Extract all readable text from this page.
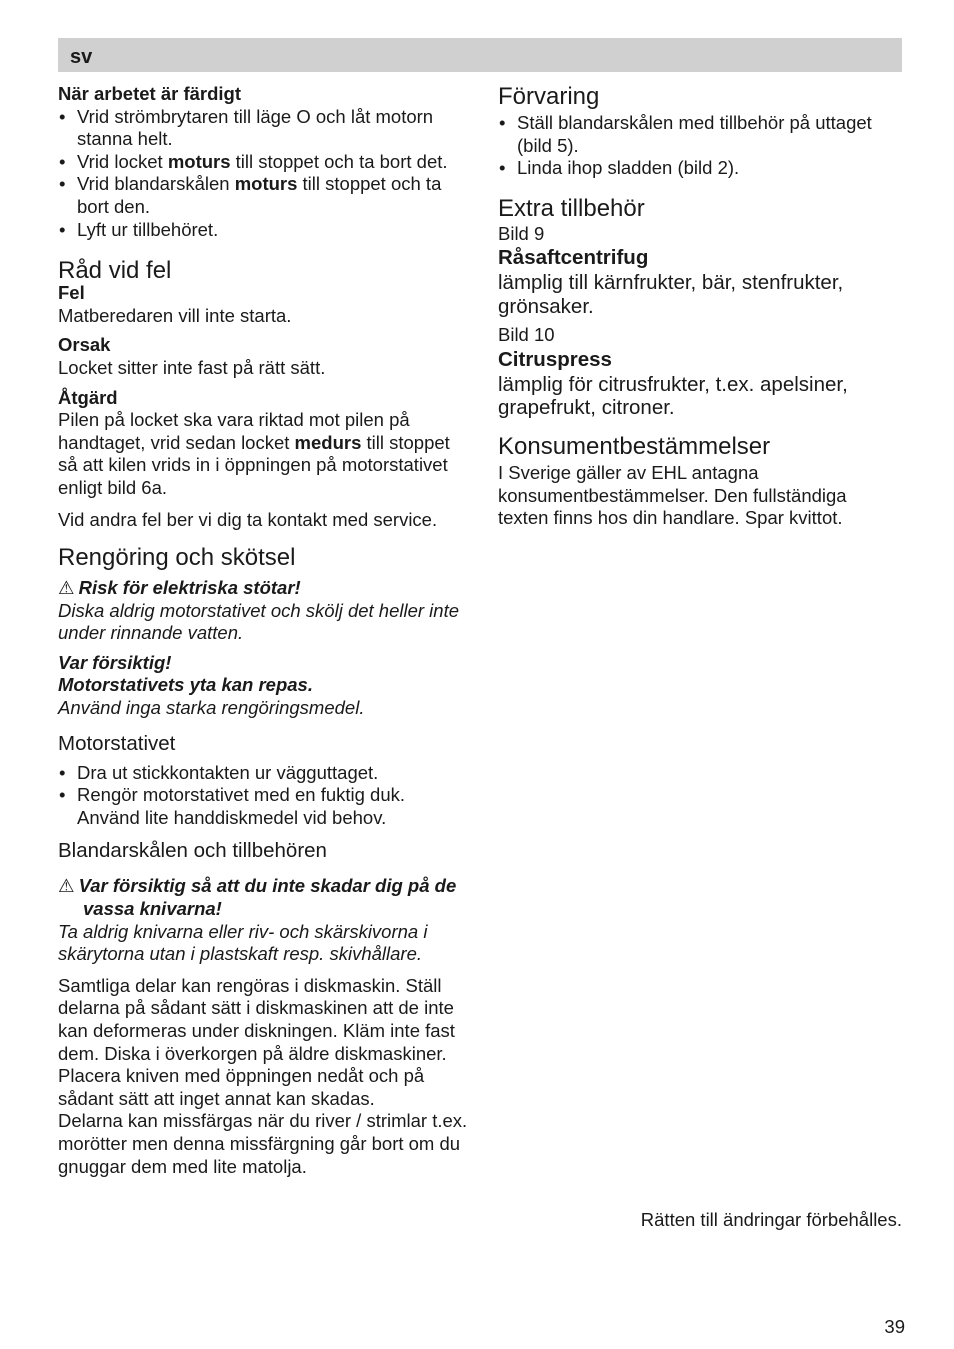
sv

När arbetet är färdigt

• Vrid strömbrytaren till läge O och låt motorn stanna helt.
• Vrid locket moturs till stoppet och ta bort det.
• Vrid blandarskålen moturs till stoppet och ta bort den.
• Lyft ur tillbehöret.
Råd vid fel

Fel

Matberedaren vill inte starta.

Orsak

Locket sitter inte fast på rätt sätt.

Åtgärd

Pilen på locket ska vara riktad mot pilen på handtaget, vrid sedan locket medurs till stoppet så att kilen vrids in i öppningen på motorstativet enligt bild 6a.

Vid andra fel ber vi dig ta kontakt med service.

Rengöring och skötsel

⚠ Risk för elektriska stötar!

Diska aldrig motorstativet och skölj det heller inte under rinnande vatten.

Var försiktig!

Motorstativets yta kan repas.

Använd inga starka rengöringsmedel.

Motorstativet
• Dra ut stickkontakten ur vägguttaget.
• Rengör motorstativet med en fuktig duk. Använd lite handdiskmedel vid behov.
Blandarskålen och tillbehören

⚠ Var försiktig så att du inte skadar dig på de vassa knivarna!

Ta aldrig knivarna eller riv- och skärskivorna i skärytorna utan i plastskaft resp. skivhållare.

Samtliga delar kan rengöras i diskmaskin. Ställ delarna på sådant sätt i diskmaskinen att de inte kan deformeras under diskningen. Kläm inte fast dem. Diska i överkorgen på äldre diskmaskiner. Placera kniven med öppningen nedåt och på sådant sätt att inget annat kan skadas.

Delarna kan missfärgas när du river / strimlar t.ex. morötter men denna missfärgning går bort om du gnuggar dem med lite matolja.

Förvaring
• Ställ blandarskålen med tillbehör på uttaget (bild 5).
• Linda ihop sladden (bild 2).
Extra tillbehör

Bild 9

Råsaftcentrifug

lämplig till kärnfrukter, bär, stenfrukter, grönsaker.

Bild 10

Citruspress

lämplig för citrusfrukter, t.ex. apelsiner, grapefrukt, citroner.

Konsumentbestämmelser

I Sverige gäller av EHL antagna konsumentbestämmelser. Den fullständiga texten finns hos din handlare. Spar kvittot.

Rätten till ändringar förbehålles.
39
